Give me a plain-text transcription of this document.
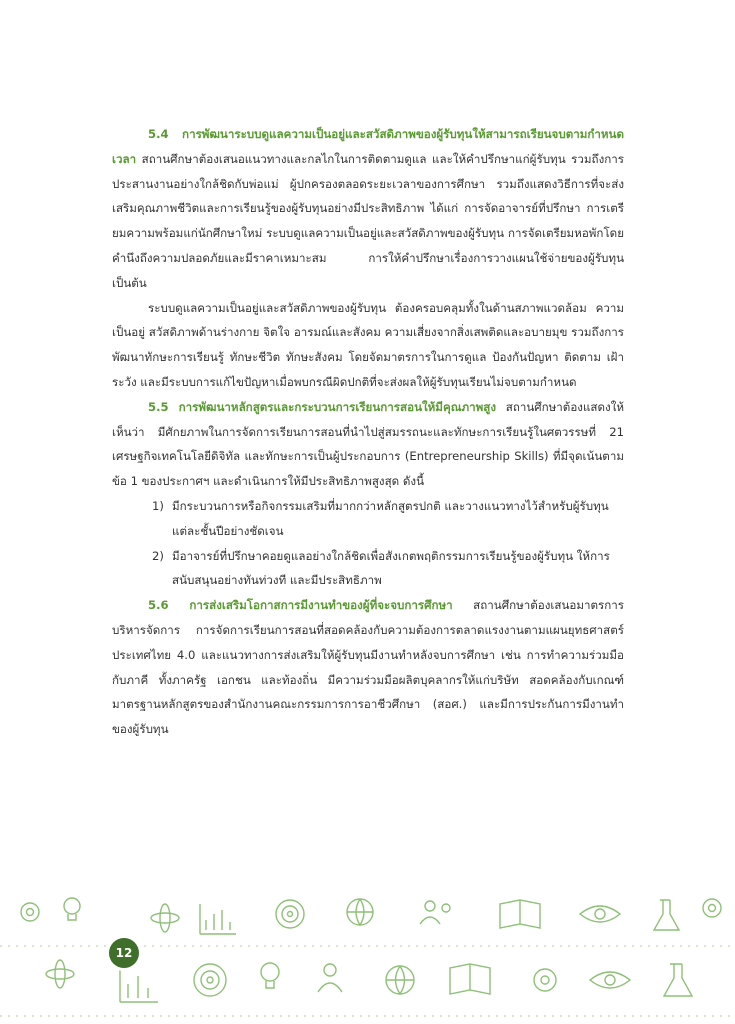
5.4 การพัฒนาระบบดูแลความเป็นอยู่และสวัสดิภาพของผู้รับทุนให้สามารถเรียนจบตามกำหนดเวลา สถานศึกษาต้องเสนอแนวทางและกลไกในการติดตามดูแล และให้คำปรึกษาแก่ผู้รับทุน รวมถึงการประสานงานอย่างใกล้ชิดกับพ่อแม่ ผู้ปกครองตลอดระยะเวลาของการศึกษา รวมถึงแสดงวิธีการที่จะส่งเสริมคุณภาพชีวิตและการเรียนรู้ของผู้รับทุนอย่างมีประสิทธิภาพ ได้แก่ การจัดอาจารย์ที่ปรึกษา การเตรียมความพร้อมแก่นักศึกษาใหม่ ระบบดูแลความเป็นอยู่และสวัสดิภาพของผู้รับทุน การจัดเตรียมหอพักโดยคำนึงถึงความปลอดภัยและมีราคาเหมาะสม การให้คำปรึกษาเรื่องการวางแผนใช้จ่ายของผู้รับทุน เป็นต้น

ระบบดูแลความเป็นอยู่และสวัสดิภาพของผู้รับทุน ต้องครอบคลุมทั้งในด้านสภาพแวดล้อม ความเป็นอยู่ สวัสดิภาพด้านร่างกาย จิตใจ อารมณ์และสังคม ความเสี่ยงจากสิ่งเสพติดและอบายมุข รวมถึงการพัฒนาทักษะการเรียนรู้ ทักษะชีวิต ทักษะสังคม โดยจัดมาตรการในการดูแล ป้องกันปัญหา ติดตาม เฝ้าระวัง และมีระบบการแก้ไขปัญหาเมื่อพบกรณีผิดปกติที่จะส่งผลให้ผู้รับทุนเรียนไม่จบตามกำหนด

5.5 การพัฒนาหลักสูตรและกระบวนการเรียนการสอนให้มีคุณภาพสูง สถานศึกษาต้องแสดงให้เห็นว่า มีศักยภาพในการจัดการเรียนการสอนที่นำไปสู่สมรรถนะและทักษะการเรียนรู้ในศตวรรษที่ 21 เศรษฐกิจเทคโนโลยีดิจิทัล และทักษะการเป็นผู้ประกอบการ (Entrepreneurship Skills) ที่มีจุดเน้นตามข้อ 1 ของประกาศฯ และดำเนินการให้มีประสิทธิภาพสูงสุด ดังนี้

1) มีกระบวนการหรือกิจกรรมเสริมที่มากกว่าหลักสูตรปกติ และวางแนวทางไว้สำหรับผู้รับทุนแต่ละชั้นปีอย่างชัดเจน
2) มีอาจารย์ที่ปรึกษาคอยดูแลอย่างใกล้ชิดเพื่อสังเกตพฤติกรรมการเรียนรู้ของผู้รับทุน ให้การสนับสนุนอย่างทันท่วงที และมีประสิทธิภาพ

5.6 การส่งเสริมโอกาสการมีงานทำของผู้ที่จะจบการศึกษา สถานศึกษาต้องเสนอมาตรการบริหารจัดการ การจัดการเรียนการสอนที่สอดคล้องกับความต้องการตลาดแรงงานตามแผนยุทธศาสตร์ประเทศไทย 4.0 และแนวทางการส่งเสริมให้ผู้รับทุนมีงานทำหลังจบการศึกษา เช่น การทำความร่วมมือกับภาคี ทั้งภาครัฐ เอกชน และท้องถิ่น มีความร่วมมือผลิตบุคลากรให้แก่บริษัท สอดคล้องกับเกณฑ์มาตรฐานหลักสูตรของสำนักงานคณะกรรมการการอาชีวศึกษา (สอศ.) และมีการประกันการมีงานทำของผู้รับทุน

12
